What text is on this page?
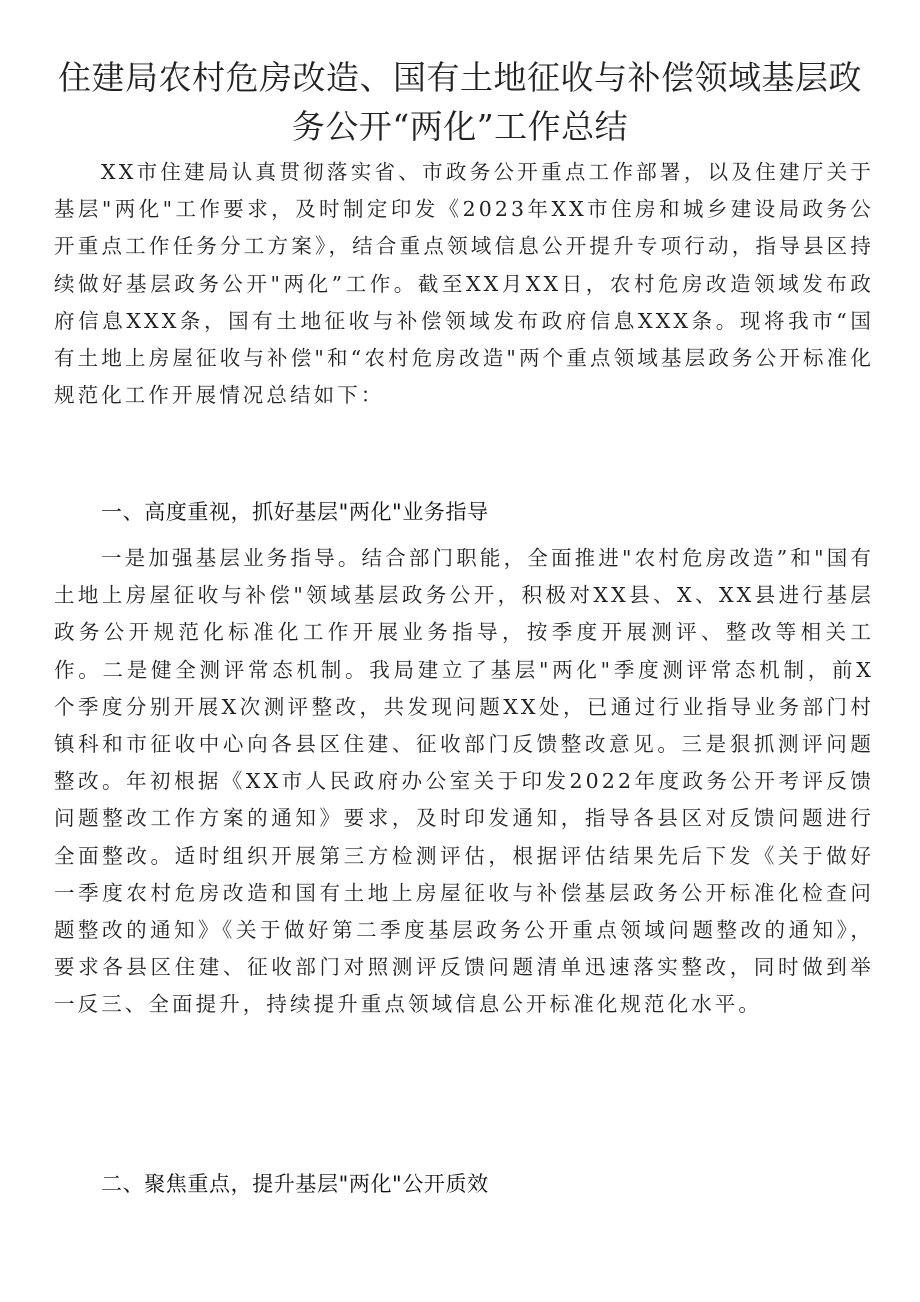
住建局农村危房改造、国有土地征收与补偿领域基层政
务公开“两化”工作总结

XX市住建局认真贯彻落实省、市政务公开重点工作部署，以及住建厅关于基层"两化"工作要求，及时制定印发《2023年XX市住房和城乡建设局政务公开重点工作任务分工方案》，结合重点领域信息公开提升专项行动，指导县区持续做好基层政务公开"两化”工作。截至XX月XX日，农村危房改造领域发布政府信息XXX条，国有土地征收与补偿领域发布政府信息XXX条。现将我市“国有土地上房屋征收与补偿"和“农村危房改造"两个重点领域基层政务公开标准化规范化工作开展情况总结如下：

一、高度重视，抓好基层"两化"业务指导

一是加强基层业务指导。结合部门职能，全面推进"农村危房改造”和"国有土地上房屋征收与补偿"领域基层政务公开，积极对XX县、X、XX县进行基层政务公开规范化标准化工作开展业务指导，按季度开展测评、整改等相关工作。二是健全测评常态机制。我局建立了基层"两化"季度测评常态机制，前X个季度分别开展X次测评整改，共发现问题XX处，已通过行业指导业务部门村镇科和市征收中心向各县区住建、征收部门反馈整改意见。三是狠抓测评问题整改。年初根据《XX市人民政府办公室关于印发2022年度政务公开考评反馈问题整改工作方案的通知》要求，及时印发通知，指导各县区对反馈问题进行全面整改。适时组织开展第三方检测评估，根据评估结果先后下发《关于做好一季度农村危房改造和国有土地上房屋征收与补偿基层政务公开标准化检查问题整改的通知》《关于做好第二季度基层政务公开重点领域问题整改的通知》，要求各县区住建、征收部门对照测评反馈问题清单迅速落实整改，同时做到举一反三、全面提升，持续提升重点领域信息公开标准化规范化水平。

二、聚焦重点，提升基层"两化"公开质效
